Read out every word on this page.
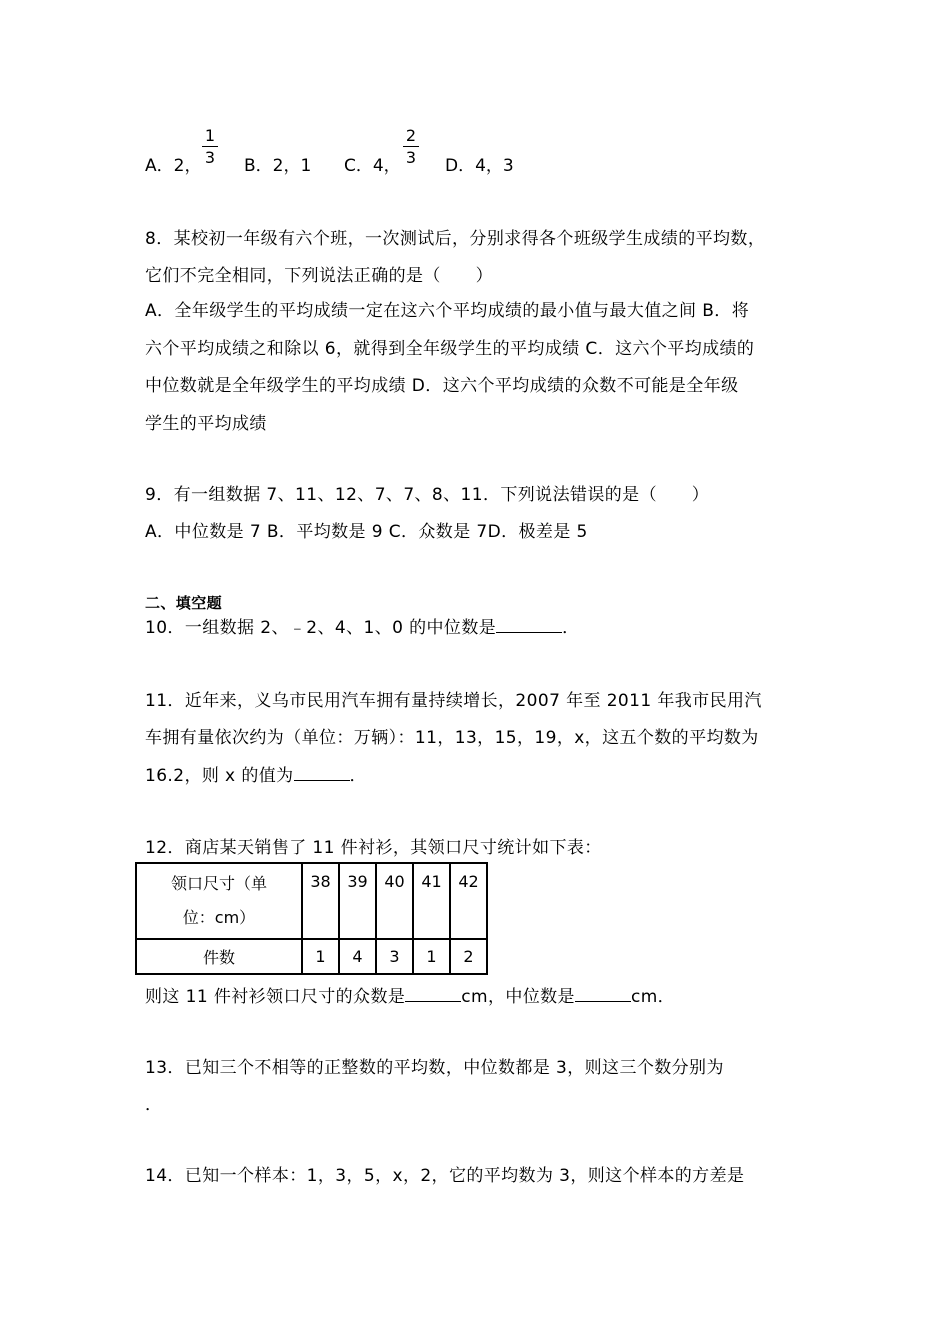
A．2，
1
3 B．2，1 C．4，
2
3 D．4，3
8．某校初一年级有六个班，一次测试后，分别求得各个班级学生成绩的平均数，
它们不完全相同，下列说法正确的是（　　）
A．全年级学生的平均成绩一定在这六个平均成绩的最小值与最大值之间 B．将
六个平均成绩之和除以 6，就得到全年级学生的平均成绩 C．这六个平均成绩的
中位数就是全年级学生的平均成绩 D．这六个平均成绩的众数不可能是全年级
学生的平均成绩
9．有一组数据 7、11、12、7、7、8、11．下列说法错误的是（　　）
A．中位数是 7 B．平均数是 9 C．众数是 7D．极差是 5
二、填空题
10．一组数据 2、﹣2、4、1、0 的中位数是	．
11．近年来，义乌市民用汽车拥有量持续增长，2007 年至 2011 年我市民用汽
车拥有量依次约为（单位：万辆）：11，13，15，19，x，这五个数的平均数为
16.2，则 x 的值为	．
12．商店某天销售了 11 件衬衫，其领口尺寸统计如下表：
领口尺寸（单
位：cm）	38	39	40	41	42
件数	1	4	3	1	2
则这 11 件衬衫领口尺寸的众数是	cm，中位数是	cm．
13．已知三个不相等的正整数的平均数，中位数都是 3，则这三个数分别为
．
14．已知一个样本：1，3，5，x，2，它的平均数为 3，则这个样本的方差是
